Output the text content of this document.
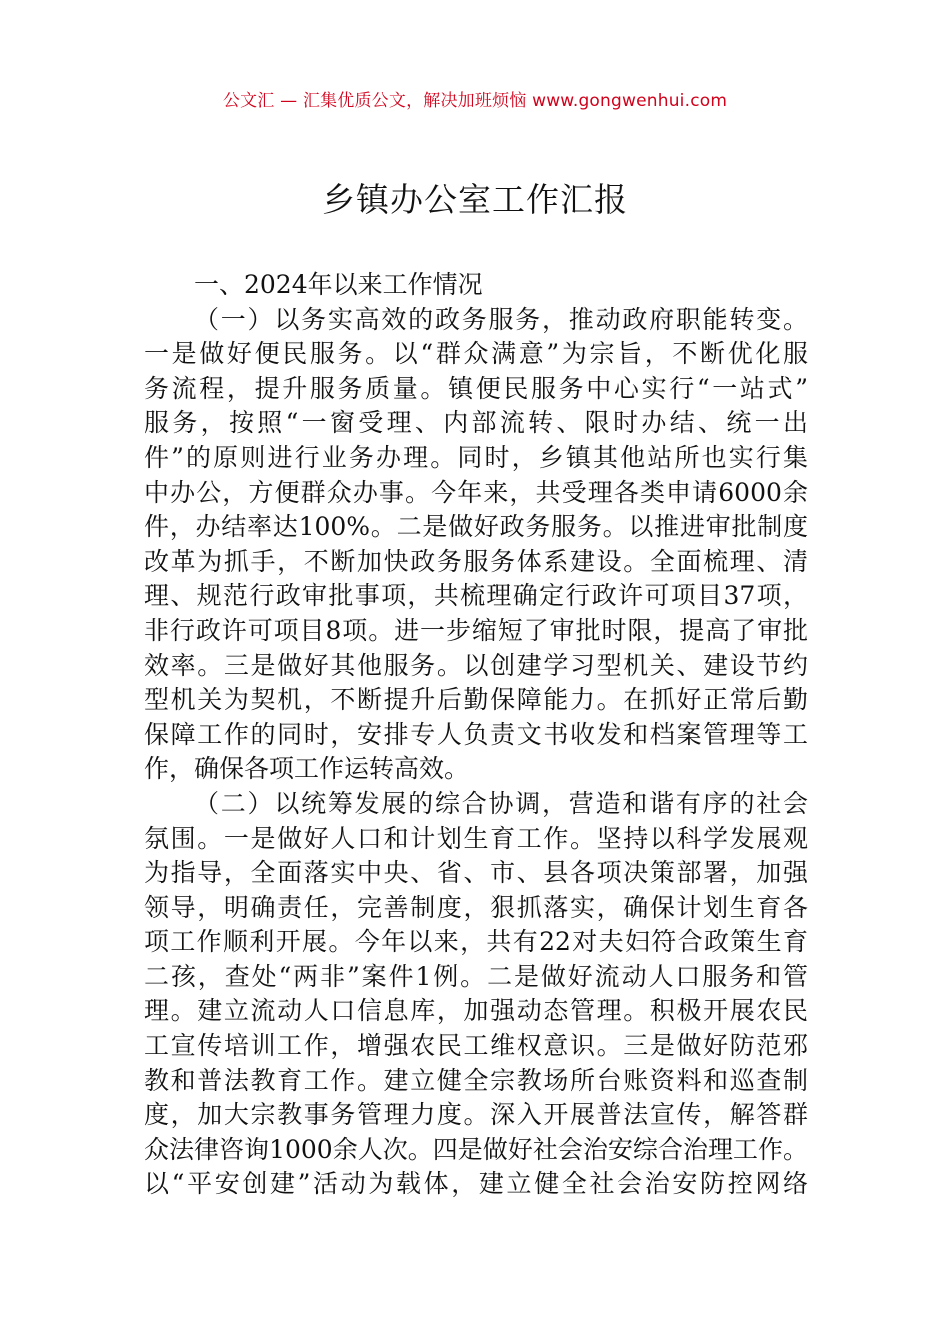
公文汇 — 汇集优质公文，解决加班烦恼 www.gongwenhui.com
乡镇办公室工作汇报
一、2024年以来工作情况
（一）以务实高效的政务服务，推动政府职能转变。
一是做好便民服务。以“群众满意”为宗旨，不断优化服
务流程，提升服务质量。镇便民服务中心实行“一站式”
服务，按照“一窗受理、内部流转、限时办结、统一出
件”的原则进行业务办理。同时，乡镇其他站所也实行集
中办公，方便群众办事。今年来，共受理各类申请6000余
件，办结率达100%。二是做好政务服务。以推进审批制度
改革为抓手，不断加快政务服务体系建设。全面梳理、清
理、规范行政审批事项，共梳理确定行政许可项目37项，
非行政许可项目8项。进一步缩短了审批时限，提高了审批
效率。三是做好其他服务。以创建学习型机关、建设节约
型机关为契机，不断提升后勤保障能力。在抓好正常后勤
保障工作的同时，安排专人负责文书收发和档案管理等工
作，确保各项工作运转高效。
（二）以统筹发展的综合协调，营造和谐有序的社会
氛围。一是做好人口和计划生育工作。坚持以科学发展观
为指导，全面落实中央、省、市、县各项决策部署，加强
领导，明确责任，完善制度，狠抓落实，确保计划生育各
项工作顺利开展。今年以来，共有22对夫妇符合政策生育
二孩，查处“两非”案件1例。二是做好流动人口服务和管
理。建立流动人口信息库，加强动态管理。积极开展农民
工宣传培训工作，增强农民工维权意识。三是做好防范邪
教和普法教育工作。建立健全宗教场所台账资料和巡查制
度，加大宗教事务管理力度。深入开展普法宣传，解答群
众法律咨询1000余人次。四是做好社会治安综合治理工作。
以“平安创建”活动为载体，建立健全社会治安防控网络
